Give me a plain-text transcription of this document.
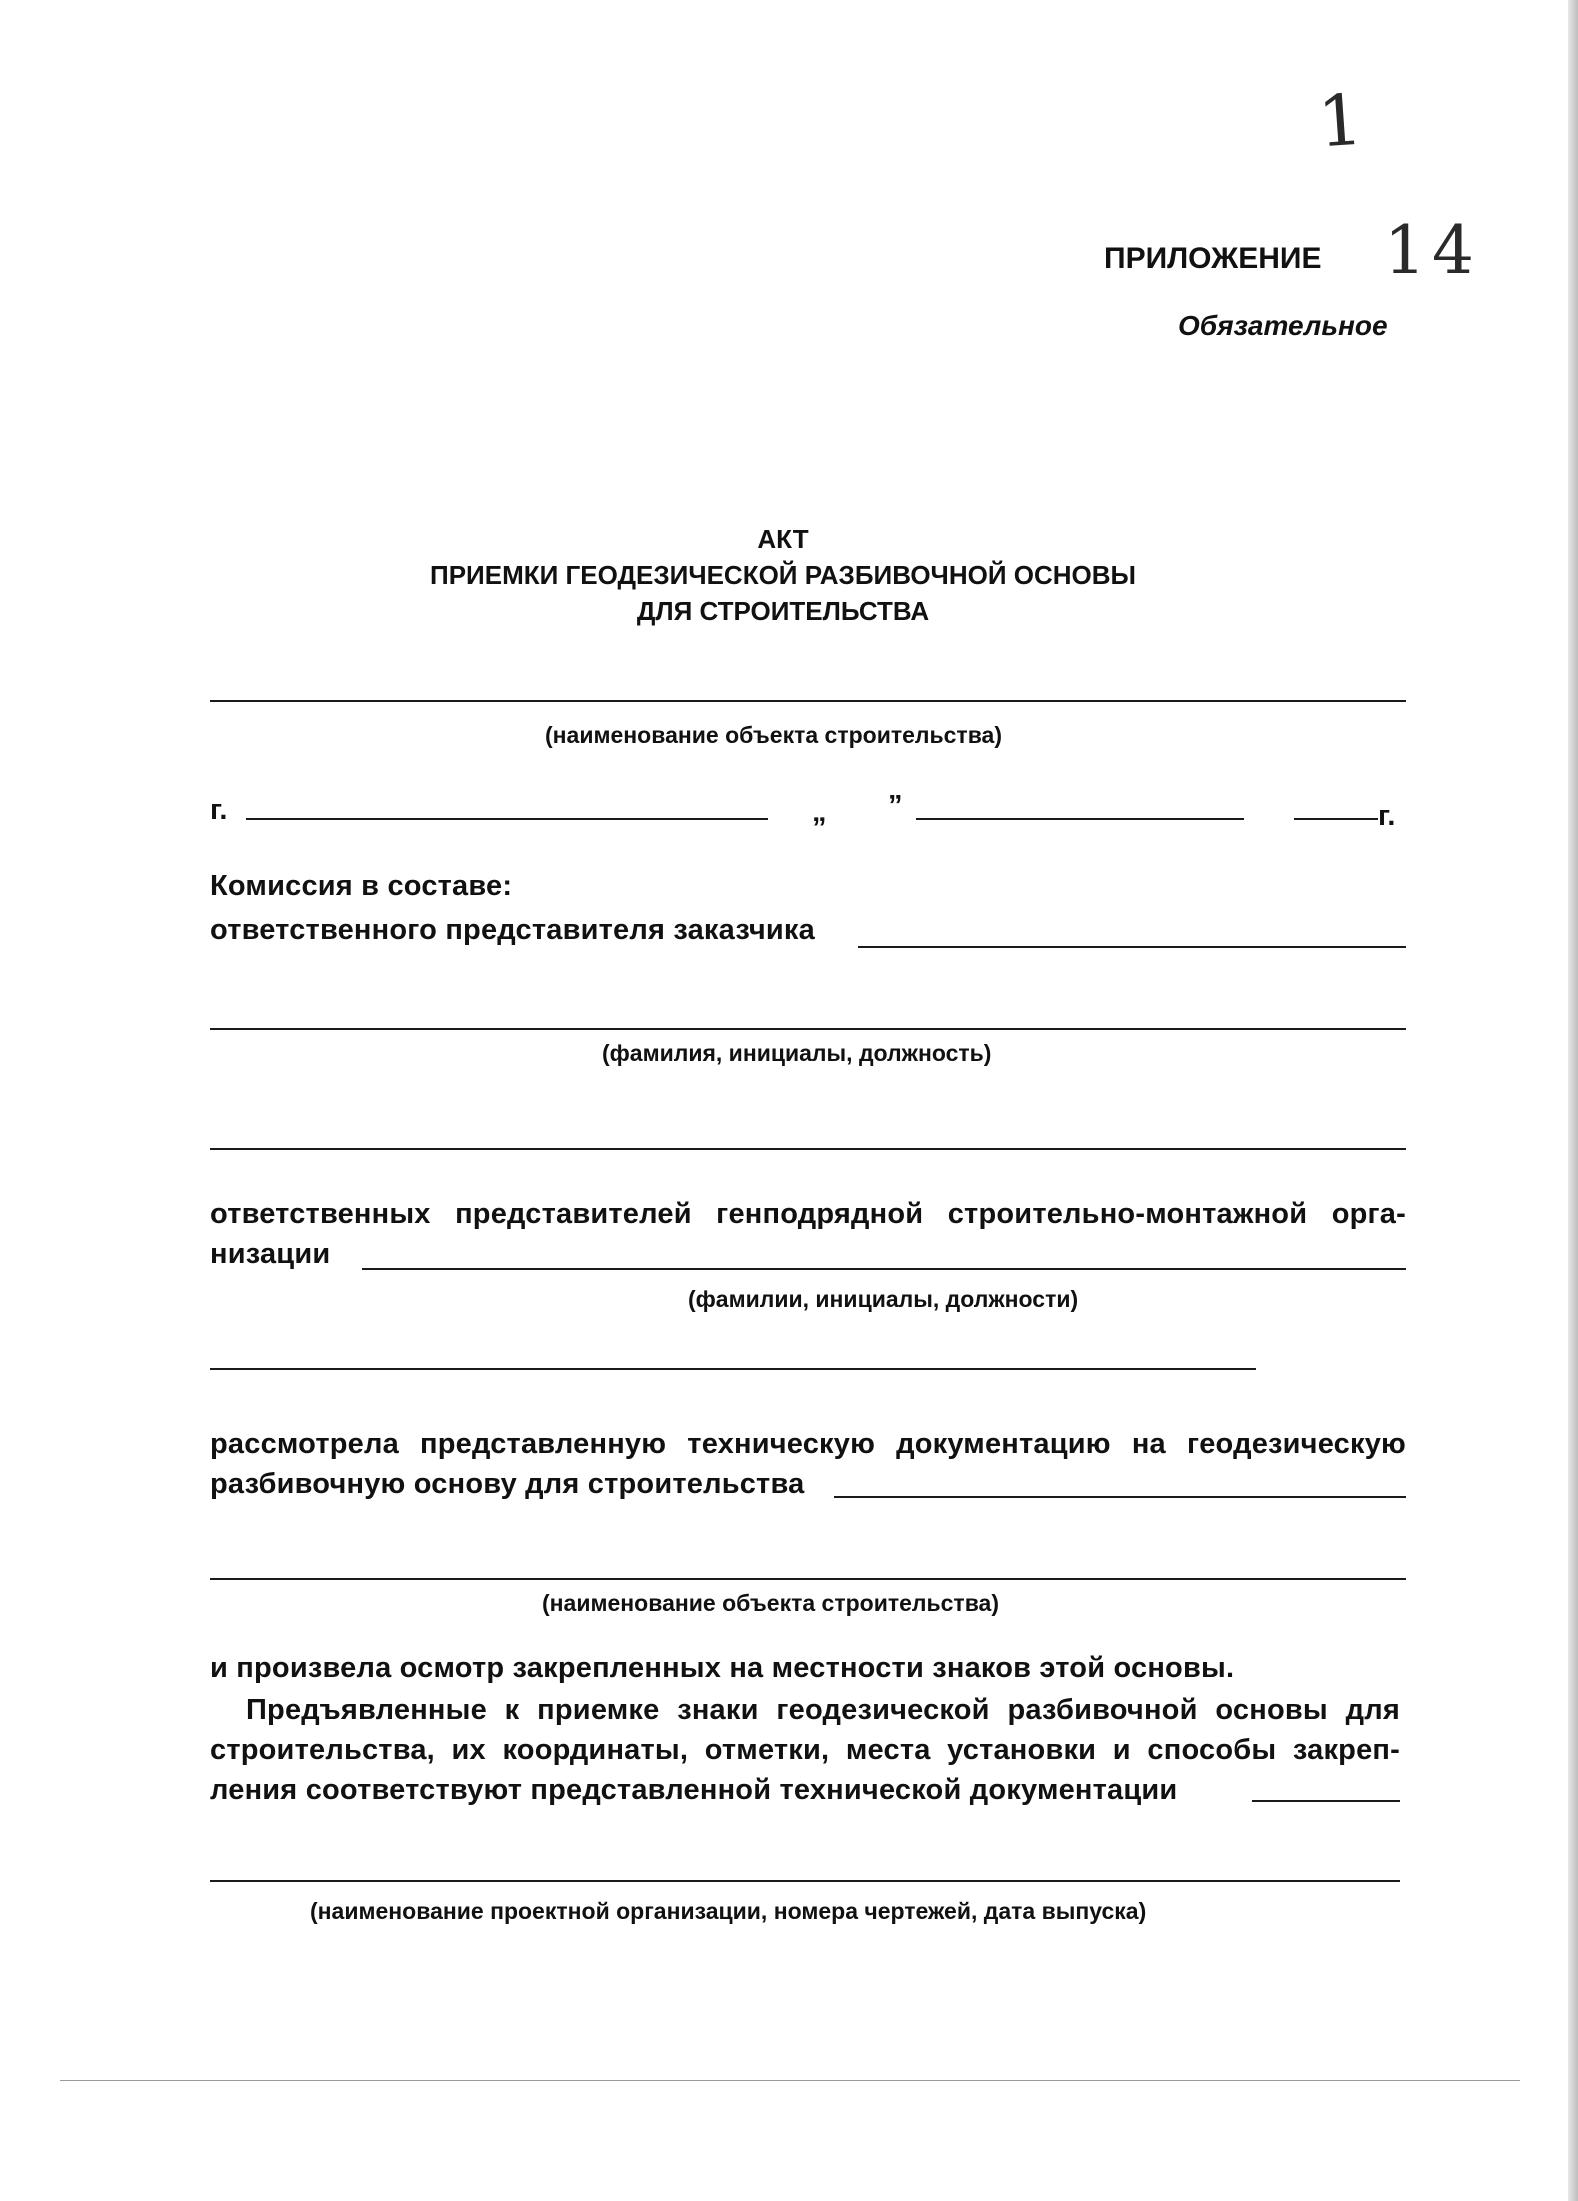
1
14
ПРИЛОЖЕНИЕ
Обязательное
АКТ
ПРИЕМКИ ГЕОДЕЗИЧЕСКОЙ РАЗБИВОЧНОЙ ОСНОВЫ
ДЛЯ СТРОИТЕЛЬСТВА
(наименование объекта строительства)
г.	„ ”	г.
Комиссия в составе:
ответственного представителя заказчика
(фамилия, инициалы, должность)
ответственных представителей генподрядной строительно-монтажной орга-
низации
(фамилии, инициалы, должности)
рассмотрела представленную техническую документацию на геодезическую
разбивочную основу для строительства
(наименование объекта строительства)
и произвела осмотр закрепленных на местности знаков этой основы.
Предъявленные к приемке знаки геодезической разбивочной основы для
строительства, их координаты, отметки, места установки и способы закреп-
ления соответствуют представленной технической документации
(наименование проектной организации, номера чертежей, дата выпуска)
